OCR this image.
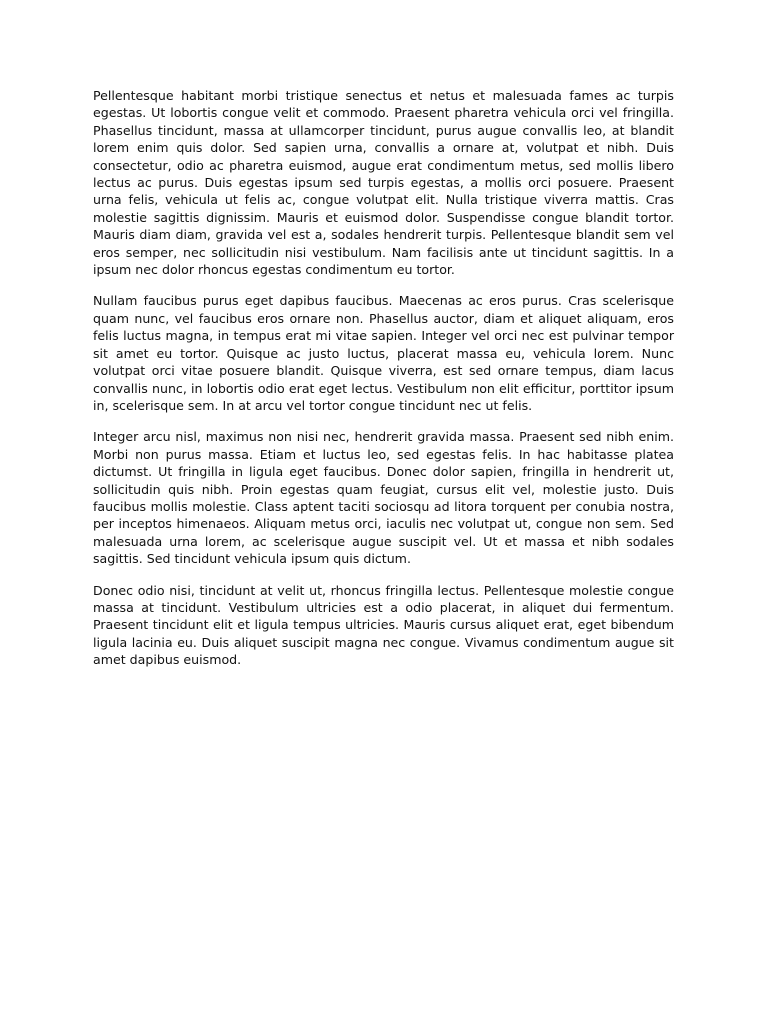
Pellentesque habitant morbi tristique senectus et netus et malesuada fames ac turpis egestas. Ut lobortis congue velit et commodo. Praesent pharetra vehicula orci vel fringilla. Phasellus tincidunt, massa at ullamcorper tincidunt, purus augue convallis leo, at blandit lorem enim quis dolor. Sed sapien urna, convallis a ornare at, volutpat et nibh. Duis consectetur, odio ac pharetra euismod, augue erat condimentum metus, sed mollis libero lectus ac purus. Duis egestas ipsum sed turpis egestas, a mollis orci posuere. Praesent urna felis, vehicula ut felis ac, congue volutpat elit. Nulla tristique viverra mattis. Cras molestie sagittis dignissim. Mauris et euismod dolor. Suspendisse congue blandit tortor. Mauris diam diam, gravida vel est a, sodales hendrerit turpis. Pellentesque blandit sem vel eros semper, nec sollicitudin nisi vestibulum. Nam facilisis ante ut tincidunt sagittis. In a ipsum nec dolor rhoncus egestas condimentum eu tortor.

Nullam faucibus purus eget dapibus faucibus. Maecenas ac eros purus. Cras scelerisque quam nunc, vel faucibus eros ornare non. Phasellus auctor, diam et aliquet aliquam, eros felis luctus magna, in tempus erat mi vitae sapien. Integer vel orci nec est pulvinar tempor sit amet eu tortor. Quisque ac justo luctus, placerat massa eu, vehicula lorem. Nunc volutpat orci vitae posuere blandit. Quisque viverra, est sed ornare tempus, diam lacus convallis nunc, in lobortis odio erat eget lectus. Vestibulum non elit efficitur, porttitor ipsum in, scelerisque sem. In at arcu vel tortor congue tincidunt nec ut felis.

Integer arcu nisl, maximus non nisi nec, hendrerit gravida massa. Praesent sed nibh enim. Morbi non purus massa. Etiam et luctus leo, sed egestas felis. In hac habitasse platea dictumst. Ut fringilla in ligula eget faucibus. Donec dolor sapien, fringilla in hendrerit ut, sollicitudin quis nibh. Proin egestas quam feugiat, cursus elit vel, molestie justo. Duis faucibus mollis molestie. Class aptent taciti sociosqu ad litora torquent per conubia nostra, per inceptos himenaeos. Aliquam metus orci, iaculis nec volutpat ut, congue non sem. Sed malesuada urna lorem, ac scelerisque augue suscipit vel. Ut et massa et nibh sodales sagittis. Sed tincidunt vehicula ipsum quis dictum.

Donec odio nisi, tincidunt at velit ut, rhoncus fringilla lectus. Pellentesque molestie congue massa at tincidunt. Vestibulum ultricies est a odio placerat, in aliquet dui fermentum. Praesent tincidunt elit et ligula tempus ultricies. Mauris cursus aliquet erat, eget bibendum ligula lacinia eu. Duis aliquet suscipit magna nec congue. Vivamus condimentum augue sit amet dapibus euismod.
